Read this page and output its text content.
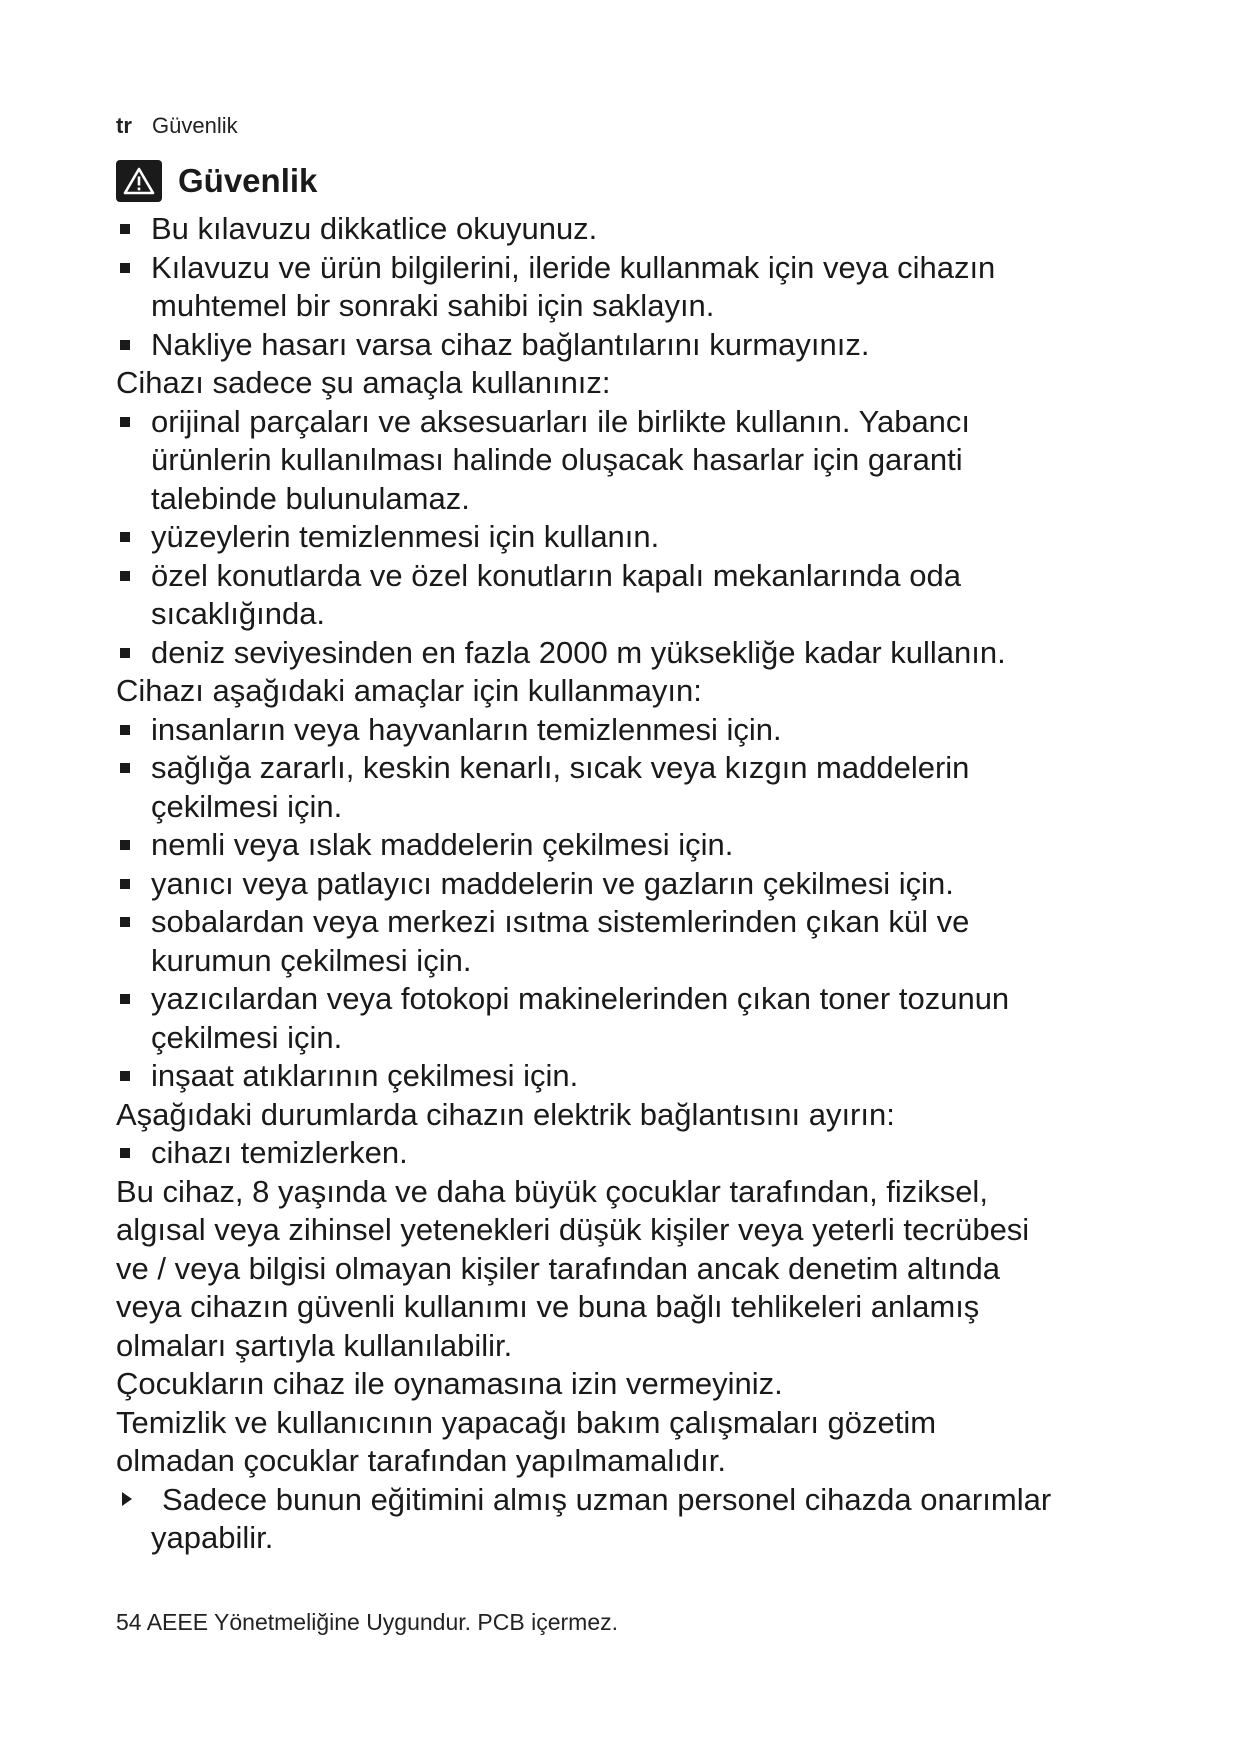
tr Güvenlik
Güvenlik
Bu kılavuzu dikkatlice okuyunuz.
Kılavuzu ve ürün bilgilerini, ileride kullanmak için veya cihazın
muhtemel bir sonraki sahibi için saklayın.
Nakliye hasarı varsa cihaz bağlantılarını kurmayınız.
Cihazı sadece şu amaçla kullanınız:
orijinal parçaları ve aksesuarları ile birlikte kullanın. Yabancı
ürünlerin kullanılması halinde oluşacak hasarlar için garanti
talebinde bulunulamaz.
yüzeylerin temizlenmesi için kullanın.
özel konutlarda ve özel konutların kapalı mekanlarında oda
sıcaklığında.
deniz seviyesinden en fazla 2000 m yüksekliğe kadar kullanın.
Cihazı aşağıdaki amaçlar için kullanmayın:
insanların veya hayvanların temizlenmesi için.
sağlığa zararlı, keskin kenarlı, sıcak veya kızgın maddelerin
çekilmesi için.
nemli veya ıslak maddelerin çekilmesi için.
yanıcı veya patlayıcı maddelerin ve gazların çekilmesi için.
sobalardan veya merkezi ısıtma sistemlerinden çıkan kül ve
kurumun çekilmesi için.
yazıcılardan veya fotokopi makinelerinden çıkan toner tozunun
çekilmesi için.
inşaat atıklarının çekilmesi için.
Aşağıdaki durumlarda cihazın elektrik bağlantısını ayırın:
cihazı temizlerken.
Bu cihaz, 8 yaşında ve daha büyük çocuklar tarafından, fiziksel,
algısal veya zihinsel yetenekleri düşük kişiler veya yeterli tecrübesi
ve / veya bilgisi olmayan kişiler tarafından ancak denetim altında
veya cihazın güvenli kullanımı ve buna bağlı tehlikeleri anlamış
olmaları şartıyla kullanılabilir.
Çocukların cihaz ile oynamasına izin vermeyiniz.
Temizlik ve kullanıcının yapacağı bakım çalışmaları gözetim
olmadan çocuklar tarafından yapılmamalıdır.
Sadece bunun eğitimini almış uzman personel cihazda onarımlar
yapabilir.
54 AEEE Yönetmeliğine Uygundur. PCB içermez.
